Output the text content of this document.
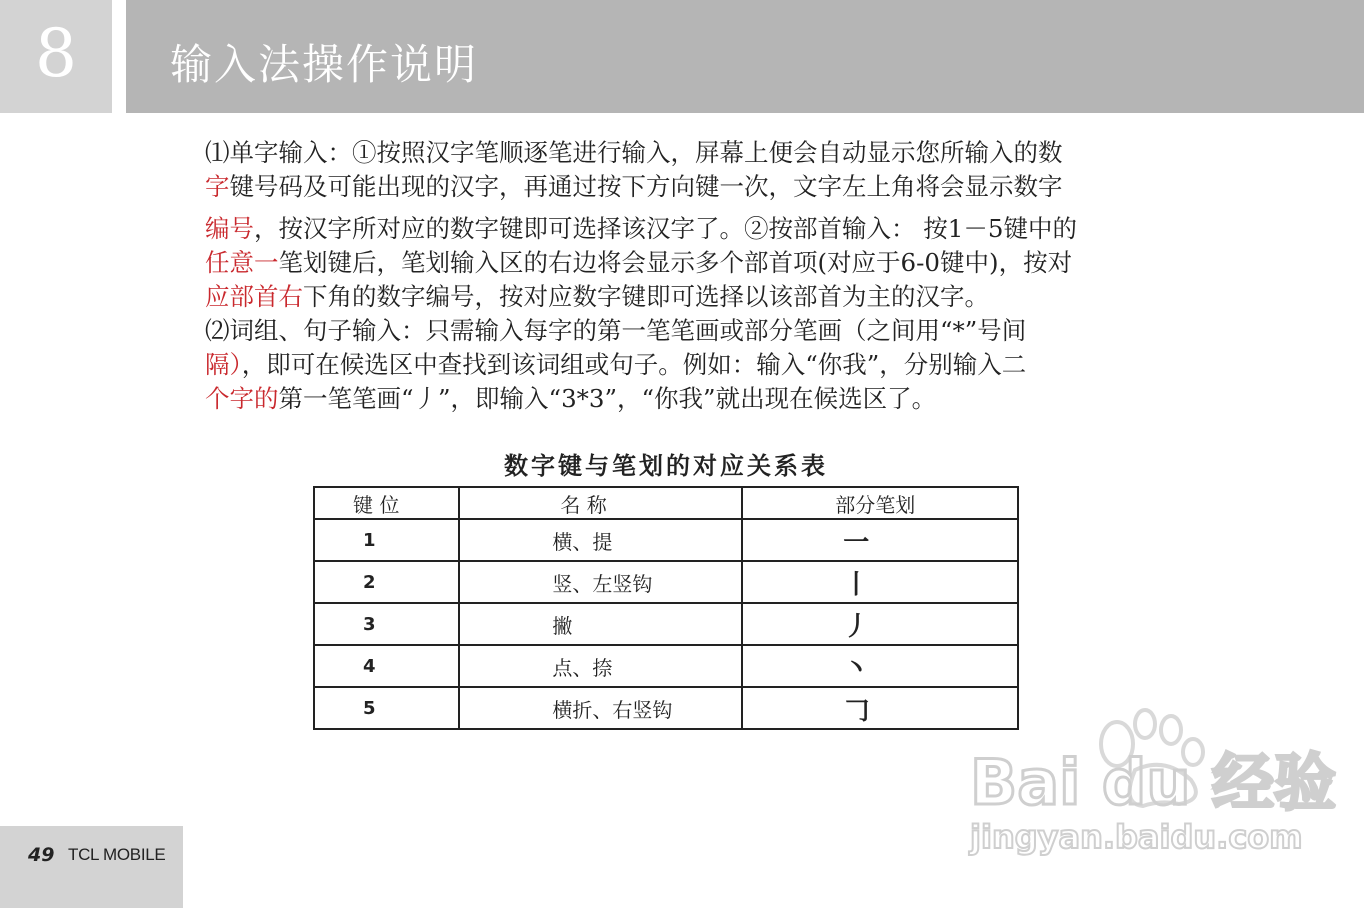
8	输入法操作说明
⑴单字输入：①按照汉字笔顺逐笔进行输入，屏幕上便会自动显示您所输入的数
字键号码及可能出现的汉字，再通过按下方向键一次，文字左上角将会显示数字
编号，按汉字所对应的数字键即可选择该汉字了。②按部首输入： 按1－5键中的
任意一笔划键后，笔划输入区的右边将会显示多个部首项(对应于6-0键中)，按对
应部首右下角的数字编号，按对应数字键即可选择以该部首为主的汉字。
⑵词组、句子输入：只需输入每字的第一笔笔画或部分笔画（之间用“*”号间
隔），即可在候选区中查找到该词组或句子。例如：输入“你我”，分别输入二
个字的第一笔笔画“丿”，即输入“3*3”，“你我”就出现在候选区了。
数字键与笔划的对应关系表
键 位	名 称	部分笔划
1	横、提	一
2	竖、左竖钩	丨
3	撇	丿
4	点、捺	丶
5	横折、右竖钩	𠃌
49 TCL MOBILE
Bai du 经验
jingyan.baidu.com
